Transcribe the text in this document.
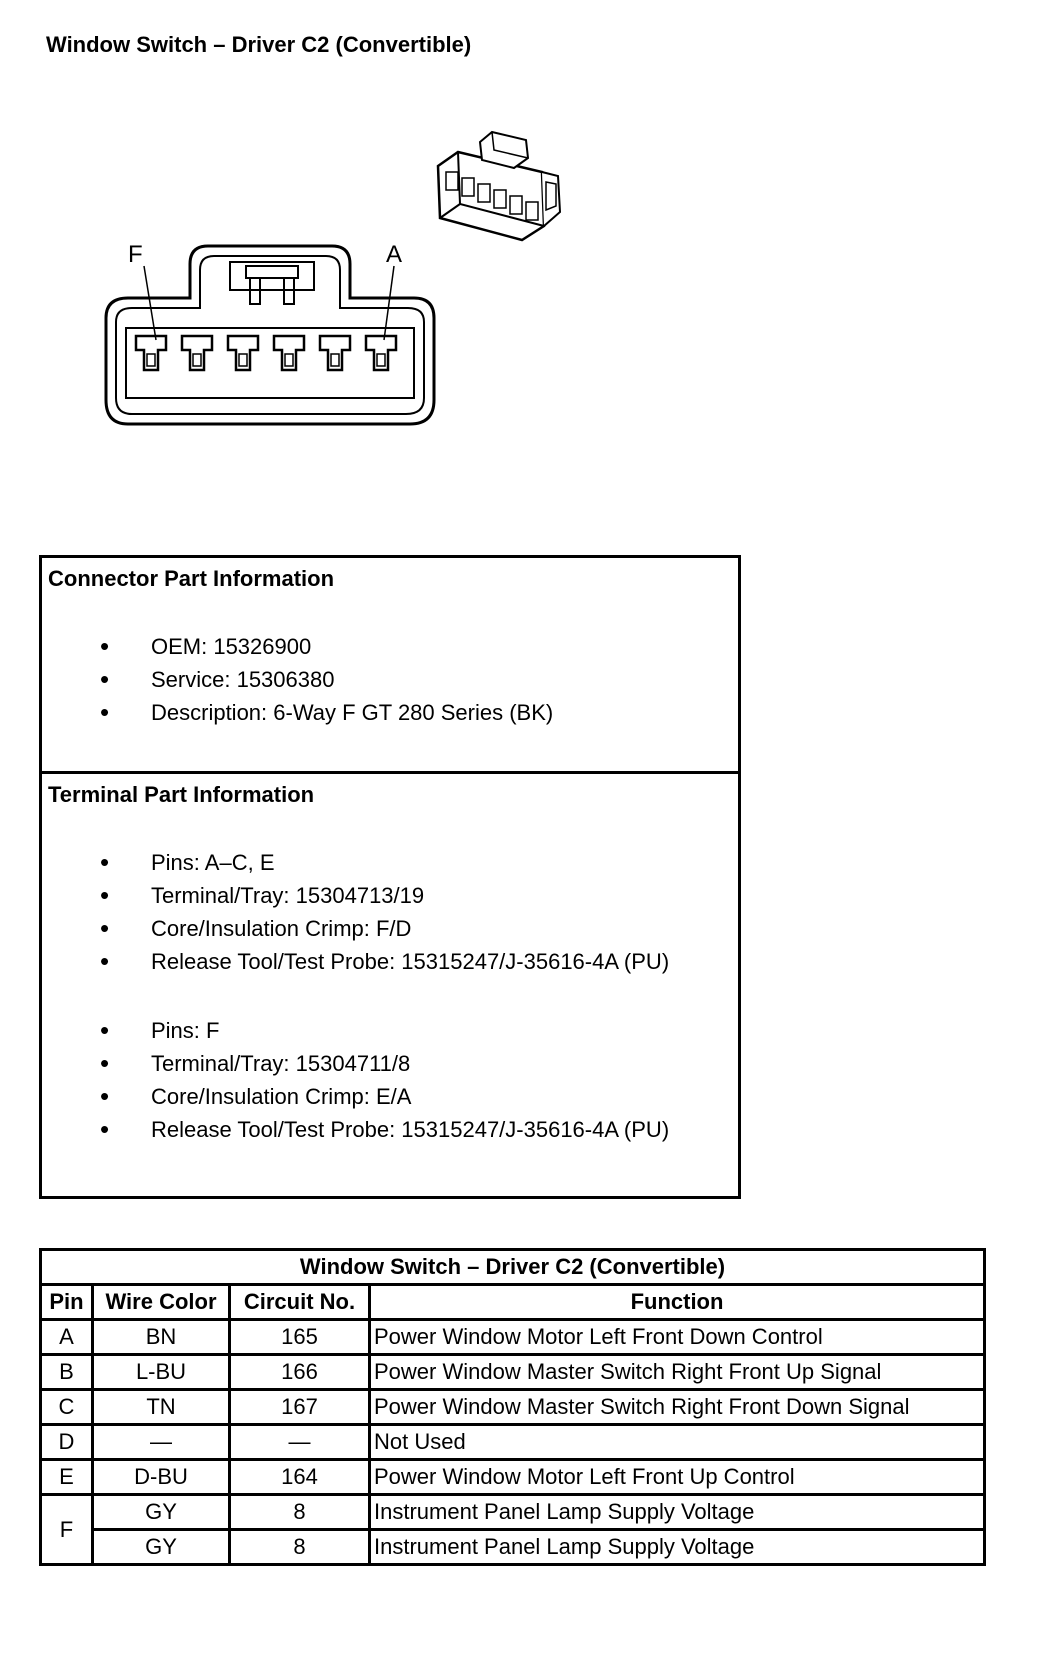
Window Switch – Driver C2 (Convertible)
F	A
Connector Part Information
• OEM: 15326900
• Service: 15306380
• Description: 6-Way F GT 280 Series (BK)
Terminal Part Information
• Pins: A–C, E
• Terminal/Tray: 15304713/19
• Core/Insulation Crimp: F/D
• Release Tool/Test Probe: 15315247/J-35616-4A (PU)
• Pins: F
• Terminal/Tray: 15304711/8
• Core/Insulation Crimp: E/A
• Release Tool/Test Probe: 15315247/J-35616-4A (PU)
Window Switch – Driver C2 (Convertible)			
Pin	Wire Color	Circuit No.	Function
A	BN	165	Power Window Motor Left Front Down Control
B	L-BU	166	Power Window Master Switch Right Front Up Signal
C	TN	167	Power Window Master Switch Right Front Down Signal
D	—	—	Not Used
E	D-BU	164	Power Window Motor Left Front Up Control
F	GY	8	Instrument Panel Lamp Supply Voltage
	GY	8	Instrument Panel Lamp Supply Voltage
